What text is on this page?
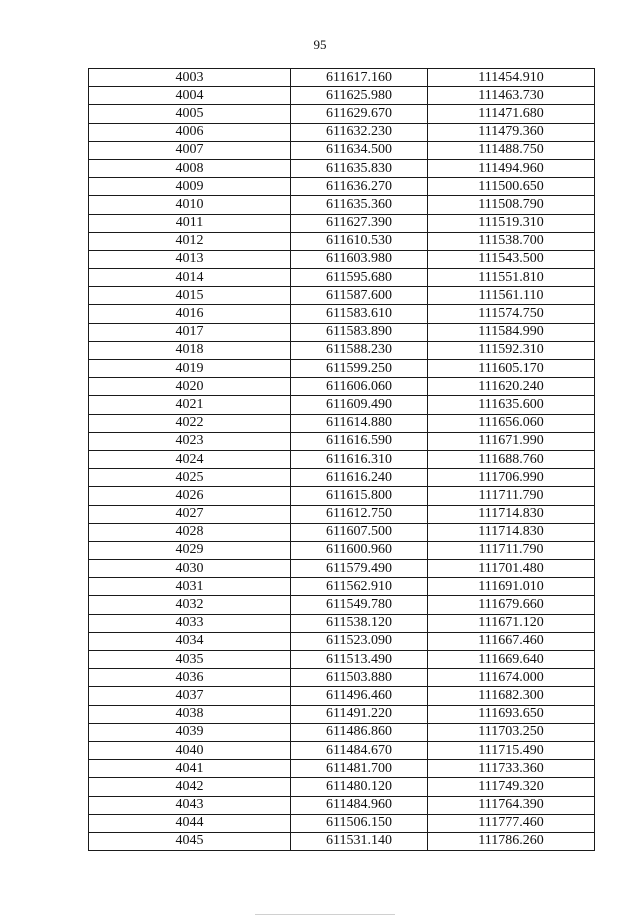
95
4003	611617.160	111454.910
4004	611625.980	111463.730
4005	611629.670	111471.680
4006	611632.230	111479.360
4007	611634.500	111488.750
4008	611635.830	111494.960
4009	611636.270	111500.650
4010	611635.360	111508.790
4011	611627.390	111519.310
4012	611610.530	111538.700
4013	611603.980	111543.500
4014	611595.680	111551.810
4015	611587.600	111561.110
4016	611583.610	111574.750
4017	611583.890	111584.990
4018	611588.230	111592.310
4019	611599.250	111605.170
4020	611606.060	111620.240
4021	611609.490	111635.600
4022	611614.880	111656.060
4023	611616.590	111671.990
4024	611616.310	111688.760
4025	611616.240	111706.990
4026	611615.800	111711.790
4027	611612.750	111714.830
4028	611607.500	111714.830
4029	611600.960	111711.790
4030	611579.490	111701.480
4031	611562.910	111691.010
4032	611549.780	111679.660
4033	611538.120	111671.120
4034	611523.090	111667.460
4035	611513.490	111669.640
4036	611503.880	111674.000
4037	611496.460	111682.300
4038	611491.220	111693.650
4039	611486.860	111703.250
4040	611484.670	111715.490
4041	611481.700	111733.360
4042	611480.120	111749.320
4043	611484.960	111764.390
4044	611506.150	111777.460
4045	611531.140	111786.260
